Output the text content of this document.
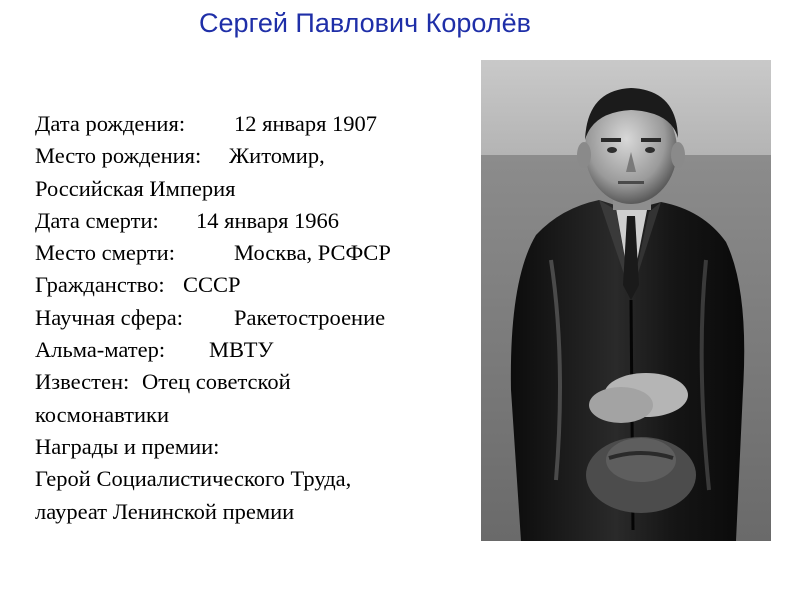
Сергей Павлович Королёв
Дата рождения: 12 января 1907
Место рождения: Житомир,
Российская Империя
Дата смерти: 14 января 1966
Место смерти:	Москва, РСФСР
Гражданство: СССР
Научная сфера: Ракетостроение
Альма-матер: МВТУ
Известен: Отец советской
космонавтики
Награды и премии:
Герой Социалистического Труда,
лауреат Ленинской премии
